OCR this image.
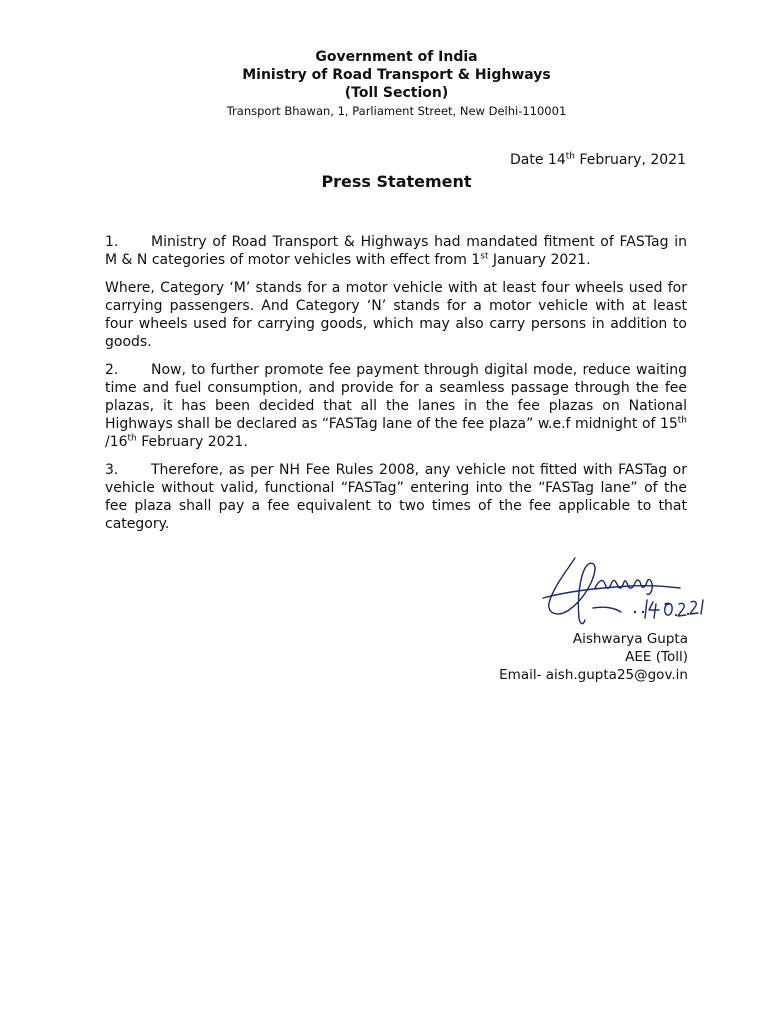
Government of India
Ministry of Road Transport & Highways
(Toll Section)
Transport Bhawan, 1, Parliament Street, New Delhi-110001
Date 14th February, 2021
Press Statement

1. Ministry of Road Transport & Highways had mandated fitment of FASTag in M & N categories of motor vehicles with effect from 1st January 2021.

Where, Category ‘M’ stands for a motor vehicle with at least four wheels used for carrying passengers. And Category ‘N’ stands for a motor vehicle with at least four wheels used for carrying goods, which may also carry persons in addition to goods.

2. Now, to further promote fee payment through digital mode, reduce waiting time and fuel consumption, and provide for a seamless passage through the fee plazas, it has been decided that all the lanes in the fee plazas on National Highways shall be declared as “FASTag lane of the fee plaza” w.e.f midnight of 15th /16th February 2021.

3. Therefore, as per NH Fee Rules 2008, any vehicle not fitted with FASTag or vehicle without valid, functional “FASTag” entering into the “FASTag lane” of the fee plaza shall pay a fee equivalent to two times of the fee applicable to that category.

Aishwarya Gupta
AEE (Toll)
Email- aish.gupta25@gov.in
